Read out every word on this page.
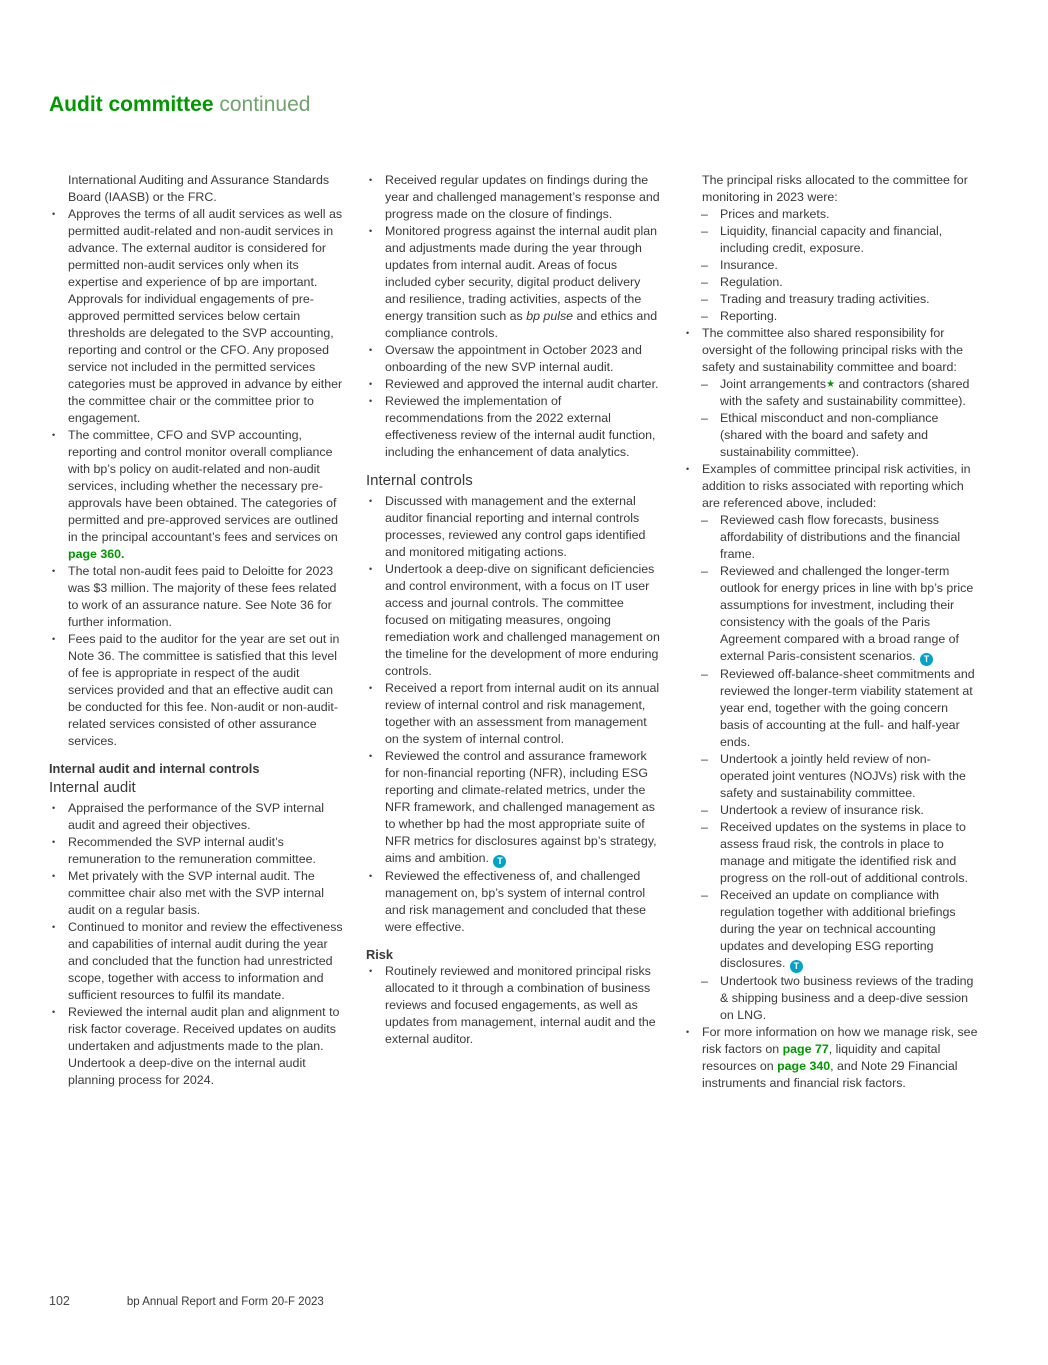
Audit committee continued
International Auditing and Assurance Standards Board (IAASB) or the FRC.
• Approves the terms of all audit services as well as permitted audit-related and non-audit services in advance. The external auditor is considered for permitted non-audit services only when its expertise and experience of bp are important. Approvals for individual engagements of pre-approved permitted services below certain thresholds are delegated to the SVP accounting, reporting and control or the CFO. Any proposed service not included in the permitted services categories must be approved in advance by either the committee chair or the committee prior to engagement.
• The committee, CFO and SVP accounting, reporting and control monitor overall compliance with bp’s policy on audit-related and non-audit services, including whether the necessary pre-approvals have been obtained. The categories of permitted and pre-approved services are outlined in the principal accountant’s fees and services on page 360.
• The total non-audit fees paid to Deloitte for 2023 was $3 million. The majority of these fees related to work of an assurance nature. See Note 36 for further information.
• Fees paid to the auditor for the year are set out in Note 36. The committee is satisfied that this level of fee is appropriate in respect of the audit services provided and that an effective audit can be conducted for this fee. Non-audit or non-audit-related services consisted of other assurance services.
Internal audit and internal controls
Internal audit
• Appraised the performance of the SVP internal audit and agreed their objectives.
• Recommended the SVP internal audit’s remuneration to the remuneration committee.
• Met privately with the SVP internal audit. The committee chair also met with the SVP internal audit on a regular basis.
• Continued to monitor and review the effectiveness and capabilities of internal audit during the year and concluded that the function had unrestricted scope, together with access to information and sufficient resources to fulfil its mandate.
• Reviewed the internal audit plan and alignment to risk factor coverage. Received updates on audits undertaken and adjustments made to the plan. Undertook a deep-dive on the internal audit planning process for 2024.
• Received regular updates on findings during the year and challenged management’s response and progress made on the closure of findings.
• Monitored progress against the internal audit plan and adjustments made during the year through updates from internal audit. Areas of focus included cyber security, digital product delivery and resilience, trading activities, aspects of the energy transition such as bp pulse and ethics and compliance controls.
• Oversaw the appointment in October 2023 and onboarding of the new SVP internal audit.
• Reviewed and approved the internal audit charter.
• Reviewed the implementation of recommendations from the 2022 external effectiveness review of the internal audit function, including the enhancement of data analytics.
Internal controls
• Discussed with management and the external auditor financial reporting and internal controls processes, reviewed any control gaps identified and monitored mitigating actions.
• Undertook a deep-dive on significant deficiencies and control environment, with a focus on IT user access and journal controls. The committee focused on mitigating measures, ongoing remediation work and challenged management on the timeline for the development of more enduring controls.
• Received a report from internal audit on its annual review of internal control and risk management, together with an assessment from management on the system of internal control.
• Reviewed the control and assurance framework for non-financial reporting (NFR), including ESG reporting and climate-related metrics, under the NFR framework, and challenged management as to whether bp had the most appropriate suite of NFR metrics for disclosures against bp’s strategy, aims and ambition. T
• Reviewed the effectiveness of, and challenged management on, bp’s system of internal control and risk management and concluded that these were effective.
Risk
• Routinely reviewed and monitored principal risks allocated to it through a combination of business reviews and focused engagements, as well as updates from management, internal audit and the external auditor.
The principal risks allocated to the committee for monitoring in 2023 were:
– Prices and markets.
– Liquidity, financial capacity and financial, including credit, exposure.
– Insurance.
– Regulation.
– Trading and treasury trading activities.
– Reporting.
• The committee also shared responsibility for oversight of the following principal risks with the safety and sustainability committee and board:
– Joint arrangements★ and contractors (shared with the safety and sustainability committee).
– Ethical misconduct and non-compliance (shared with the board and safety and sustainability committee).
• Examples of committee principal risk activities, in addition to risks associated with reporting which are referenced above, included:
– Reviewed cash flow forecasts, business affordability of distributions and the financial frame.
– Reviewed and challenged the longer-term outlook for energy prices in line with bp’s price assumptions for investment, including their consistency with the goals of the Paris Agreement compared with a broad range of external Paris-consistent scenarios. T
– Reviewed off-balance-sheet commitments and reviewed the longer-term viability statement at year end, together with the going concern basis of accounting at the full- and half-year ends.
– Undertook a jointly held review of non-operated joint ventures (NOJVs) risk with the safety and sustainability committee.
– Undertook a review of insurance risk.
– Received updates on the systems in place to assess fraud risk, the controls in place to manage and mitigate the identified risk and progress on the roll-out of additional controls.
– Received an update on compliance with regulation together with additional briefings during the year on technical accounting updates and developing ESG reporting disclosures. T
– Undertook two business reviews of the trading & shipping business and a deep-dive session on LNG.
• For more information on how we manage risk, see risk factors on page 77, liquidity and capital resources on page 340, and Note 29 Financial instruments and financial risk factors.
102	bp Annual Report and Form 20-F 2023
